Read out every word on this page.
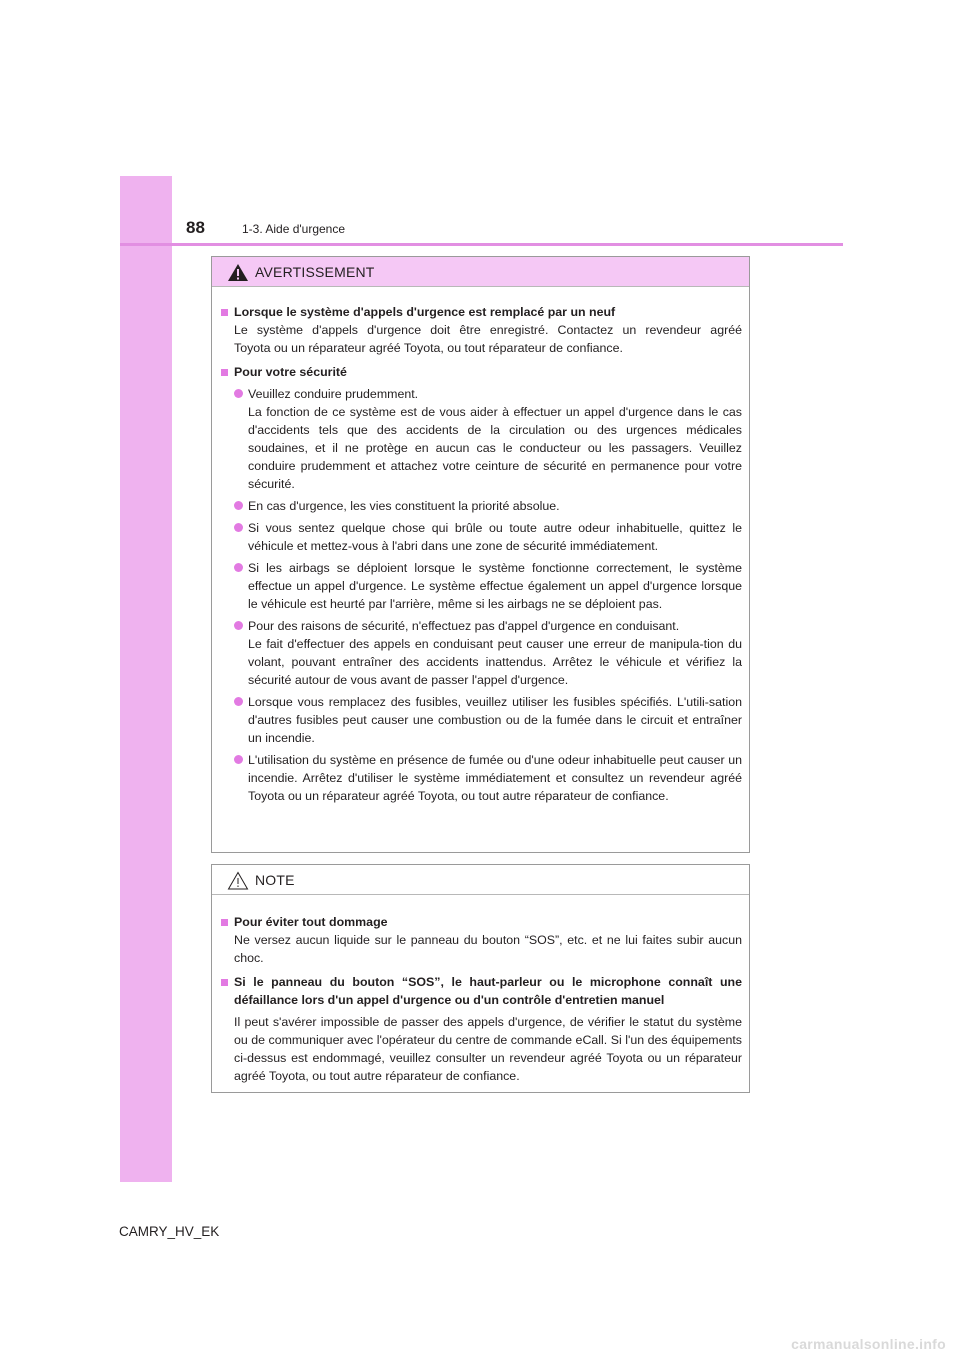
88	1-3. Aide d'urgence
AVERTISSEMENT
Lorsque le système d'appels d'urgence est remplacé par un neuf
Le système d'appels d'urgence doit être enregistré. Contactez un revendeur agréé
Toyota ou un réparateur agréé Toyota, ou tout réparateur de confiance.
Pour votre sécurité
Veuillez conduire prudemment.
La fonction de ce système est de vous aider à effectuer un appel d'urgence dans le cas d'accidents tels que des accidents de la circulation ou des urgences médicales soudaines, et il ne protège en aucun cas le conducteur ou les passagers. Veuillez conduire prudemment et attachez votre ceinture de sécurité en permanence pour votre sécurité.
En cas d'urgence, les vies constituent la priorité absolue.
Si vous sentez quelque chose qui brûle ou toute autre odeur inhabituelle, quittez le véhicule et mettez-vous à l'abri dans une zone de sécurité immédiatement.
Si les airbags se déploient lorsque le système fonctionne correctement, le système effectue un appel d'urgence. Le système effectue également un appel d'urgence lorsque le véhicule est heurté par l'arrière, même si les airbags ne se déploient pas.
Pour des raisons de sécurité, n'effectuez pas d'appel d'urgence en conduisant.
Le fait d'effectuer des appels en conduisant peut causer une erreur de manipula-tion du volant, pouvant entraîner des accidents inattendus. Arrêtez le véhicule et vérifiez la sécurité autour de vous avant de passer l'appel d'urgence.
Lorsque vous remplacez des fusibles, veuillez utiliser les fusibles spécifiés. L'utili-sation d'autres fusibles peut causer une combustion ou de la fumée dans le circuit et entraîner un incendie.
L'utilisation du système en présence de fumée ou d'une odeur inhabituelle peut causer un incendie. Arrêtez d'utiliser le système immédiatement et consultez un revendeur agréé Toyota ou un réparateur agréé Toyota, ou tout autre réparateur de confiance.
NOTE
Pour éviter tout dommage
Ne versez aucun liquide sur le panneau du bouton “SOS”, etc. et ne lui faites subir aucun choc.
Si le panneau du bouton “SOS”, le haut-parleur ou le microphone connaît une défaillance lors d'un appel d'urgence ou d'un contrôle d'entretien manuel
Il peut s'avérer impossible de passer des appels d'urgence, de vérifier le statut du système ou de communiquer avec l'opérateur du centre de commande eCall. Si l'un des équipements ci-dessus est endommagé, veuillez consulter un revendeur agréé Toyota ou un réparateur agréé Toyota, ou tout autre réparateur de confiance.
CAMRY_HV_EK
carmanualsonline.info
